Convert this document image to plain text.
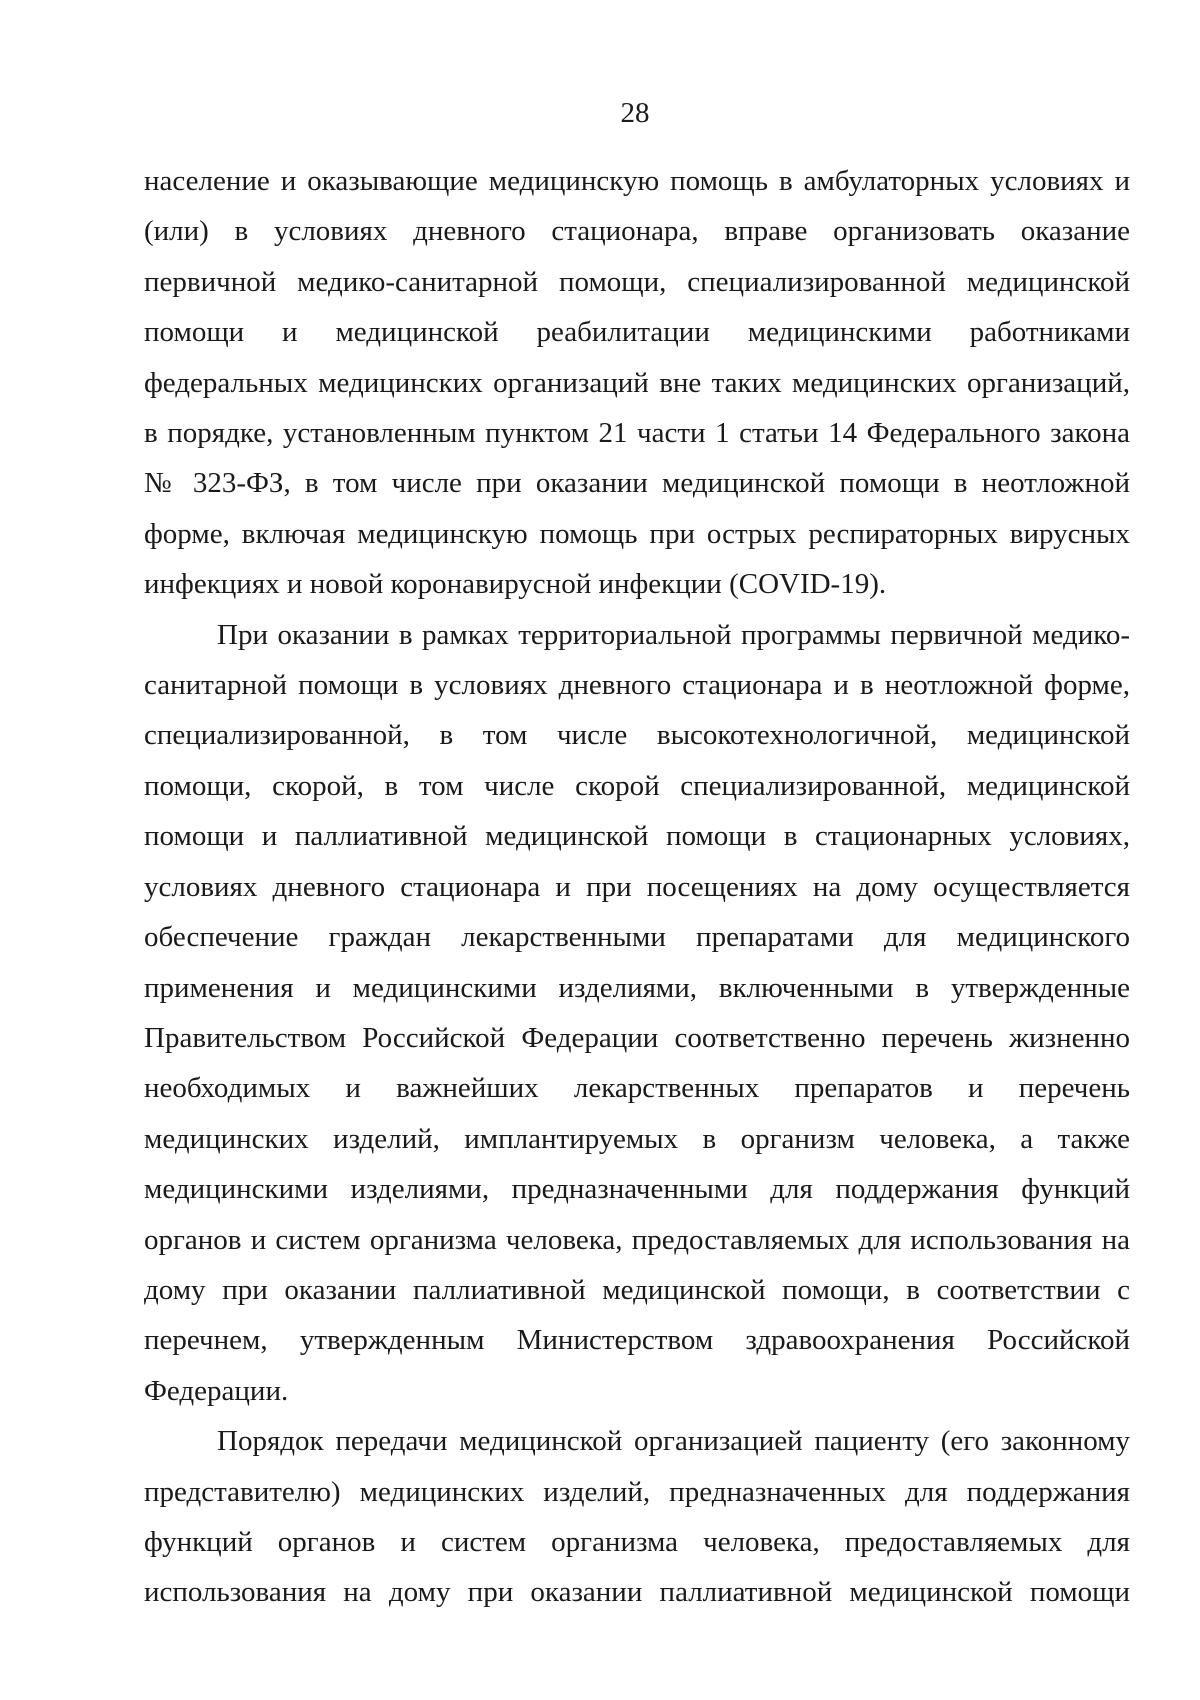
28

население и оказывающие медицинскую помощь в амбулаторных условиях и (или) в условиях дневного стационара, вправе организовать оказание первичной медико-санитарной помощи, специализированной медицинской помощи и медицинской реабилитации медицинскими работниками федеральных медицинских организаций вне таких медицинских организаций, в порядке, установленным пунктом 21 части 1 статьи 14 Федерального закона № 323-ФЗ, в том числе при оказании медицинской помощи в неотложной форме, включая медицинскую помощь при острых респираторных вирусных инфекциях и новой коронавирусной инфекции (COVID-19).

При оказании в рамках территориальной программы первичной медико-санитарной помощи в условиях дневного стационара и в неотложной форме, специализированной, в том числе высокотехнологичной, медицинской помощи, скорой, в том числе скорой специализированной, медицинской помощи и паллиативной медицинской помощи в стационарных условиях, условиях дневного стационара и при посещениях на дому осуществляется обеспечение граждан лекарственными препаратами для медицинского применения и медицинскими изделиями, включенными в утвержденные Правительством Российской Федерации соответственно перечень жизненно необходимых и важнейших лекарственных препаратов и перечень медицинских изделий, имплантируемых в организм человека, а также медицинскими изделиями, предназначенными для поддержания функций органов и систем организма человека, предоставляемых для использования на дому при оказании паллиативной медицинской помощи, в соответствии с перечнем, утвержденным Министерством здравоохранения Российской Федерации.

Порядок передачи медицинской организацией пациенту (его законному представителю) медицинских изделий, предназначенных для поддержания функций органов и систем организма человека, предоставляемых для использования на дому при оказании паллиативной медицинской помощи
